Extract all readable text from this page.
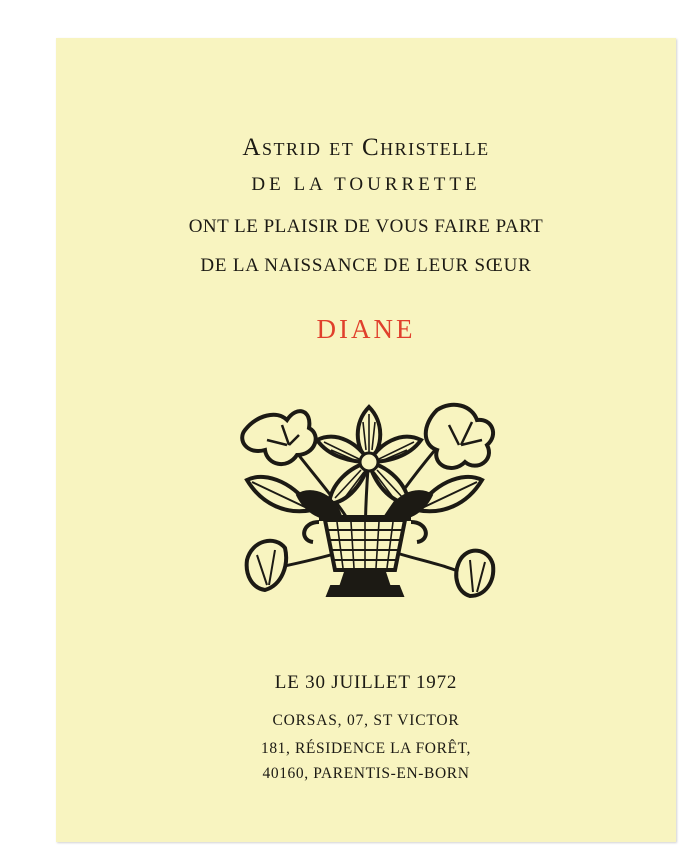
Astrid et Christelle
DE LA TOURRETTE
ONT LE PLAISIR DE VOUS FAIRE PART
DE LA NAISSANCE DE LEUR SŒUR
DIANE
LE 30 JUILLET 1972
CORSAS, 07, ST VICTOR
181, RÉSIDENCE LA FORÊT,
40160, PARENTIS-EN-BORN
